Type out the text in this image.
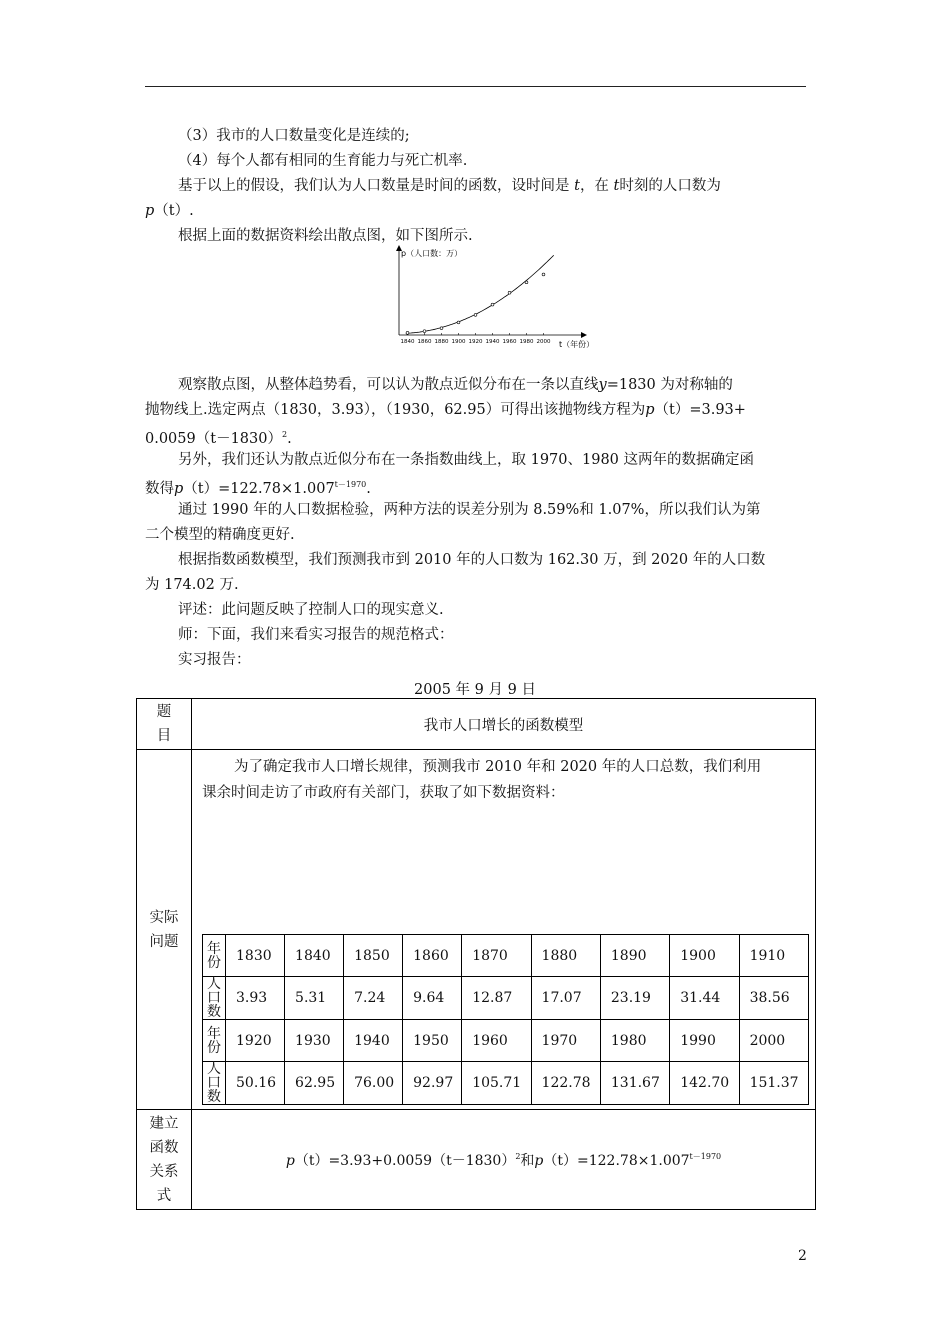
（3）我市的人口数量变化是连续的;
（4）每个人都有相同的生育能力与死亡机率.
基于以上的假设，我们认为人口数量是时间的函数，设时间是 t，在 t时刻的人口数为
p（t）.
根据上面的数据资料绘出散点图，如下图所示.
p（人口数：万）
t（年份）
1840 1860 1880 1900 1920 1940 1960 1980 2000
观察散点图，从整体趋势看，可以认为散点近似分布在一条以直线y=1830 为对称轴的
抛物线上.选定两点（1830，3.93），（1930，62.95）可得出该抛物线方程为p（t）=3.93+
$0.0059(t-1830)^2$.
另外，我们还认为散点近似分布在一条指数曲线上，取 1970、1980 这两年的数据确定函
数得$p(t)=122.78\times 1.007^{t-1970}$.
通过 1990 年的人口数据检验，两种方法的误差分别为 8.59%和 1.07%，所以我们认为第
二个模型的精确度更好.
根据指数函数模型，我们预测我市到 2010 年的人口数为 162.30 万，到 2020 年的人口数
为 174.02 万.
评述：此问题反映了控制人口的现实意义.
师：下面，我们来看实习报告的规范格式：
实习报告：
2005 年 9 月 9 日
题目	我市人口增长的函数模型
实际问题	
为了确定我市人口增长规律，预测我市 2010 年和 2020 年的人口总数，我们利用
课余时间走访了市政府有关部门，获取了如下数据资料：
年份	1830	1840	1850	1860	1870	1880	1890	1900	1910
人口数	3.93	5.31	7.24	9.64	12.87	17.07	23.19	31.44	38.56
年份	1920	1930	1940	1950	1960	1970	1980	1990	2000
人口数	50.16	62.95	76.00	92.97	105.71	122.78	131.67	142.70	151.37

建立函数关系式	$p(t)=3.93+0.0059(t-1830)^2$和$p(t)=122.78\times 1.007^{t-1970}$
2
